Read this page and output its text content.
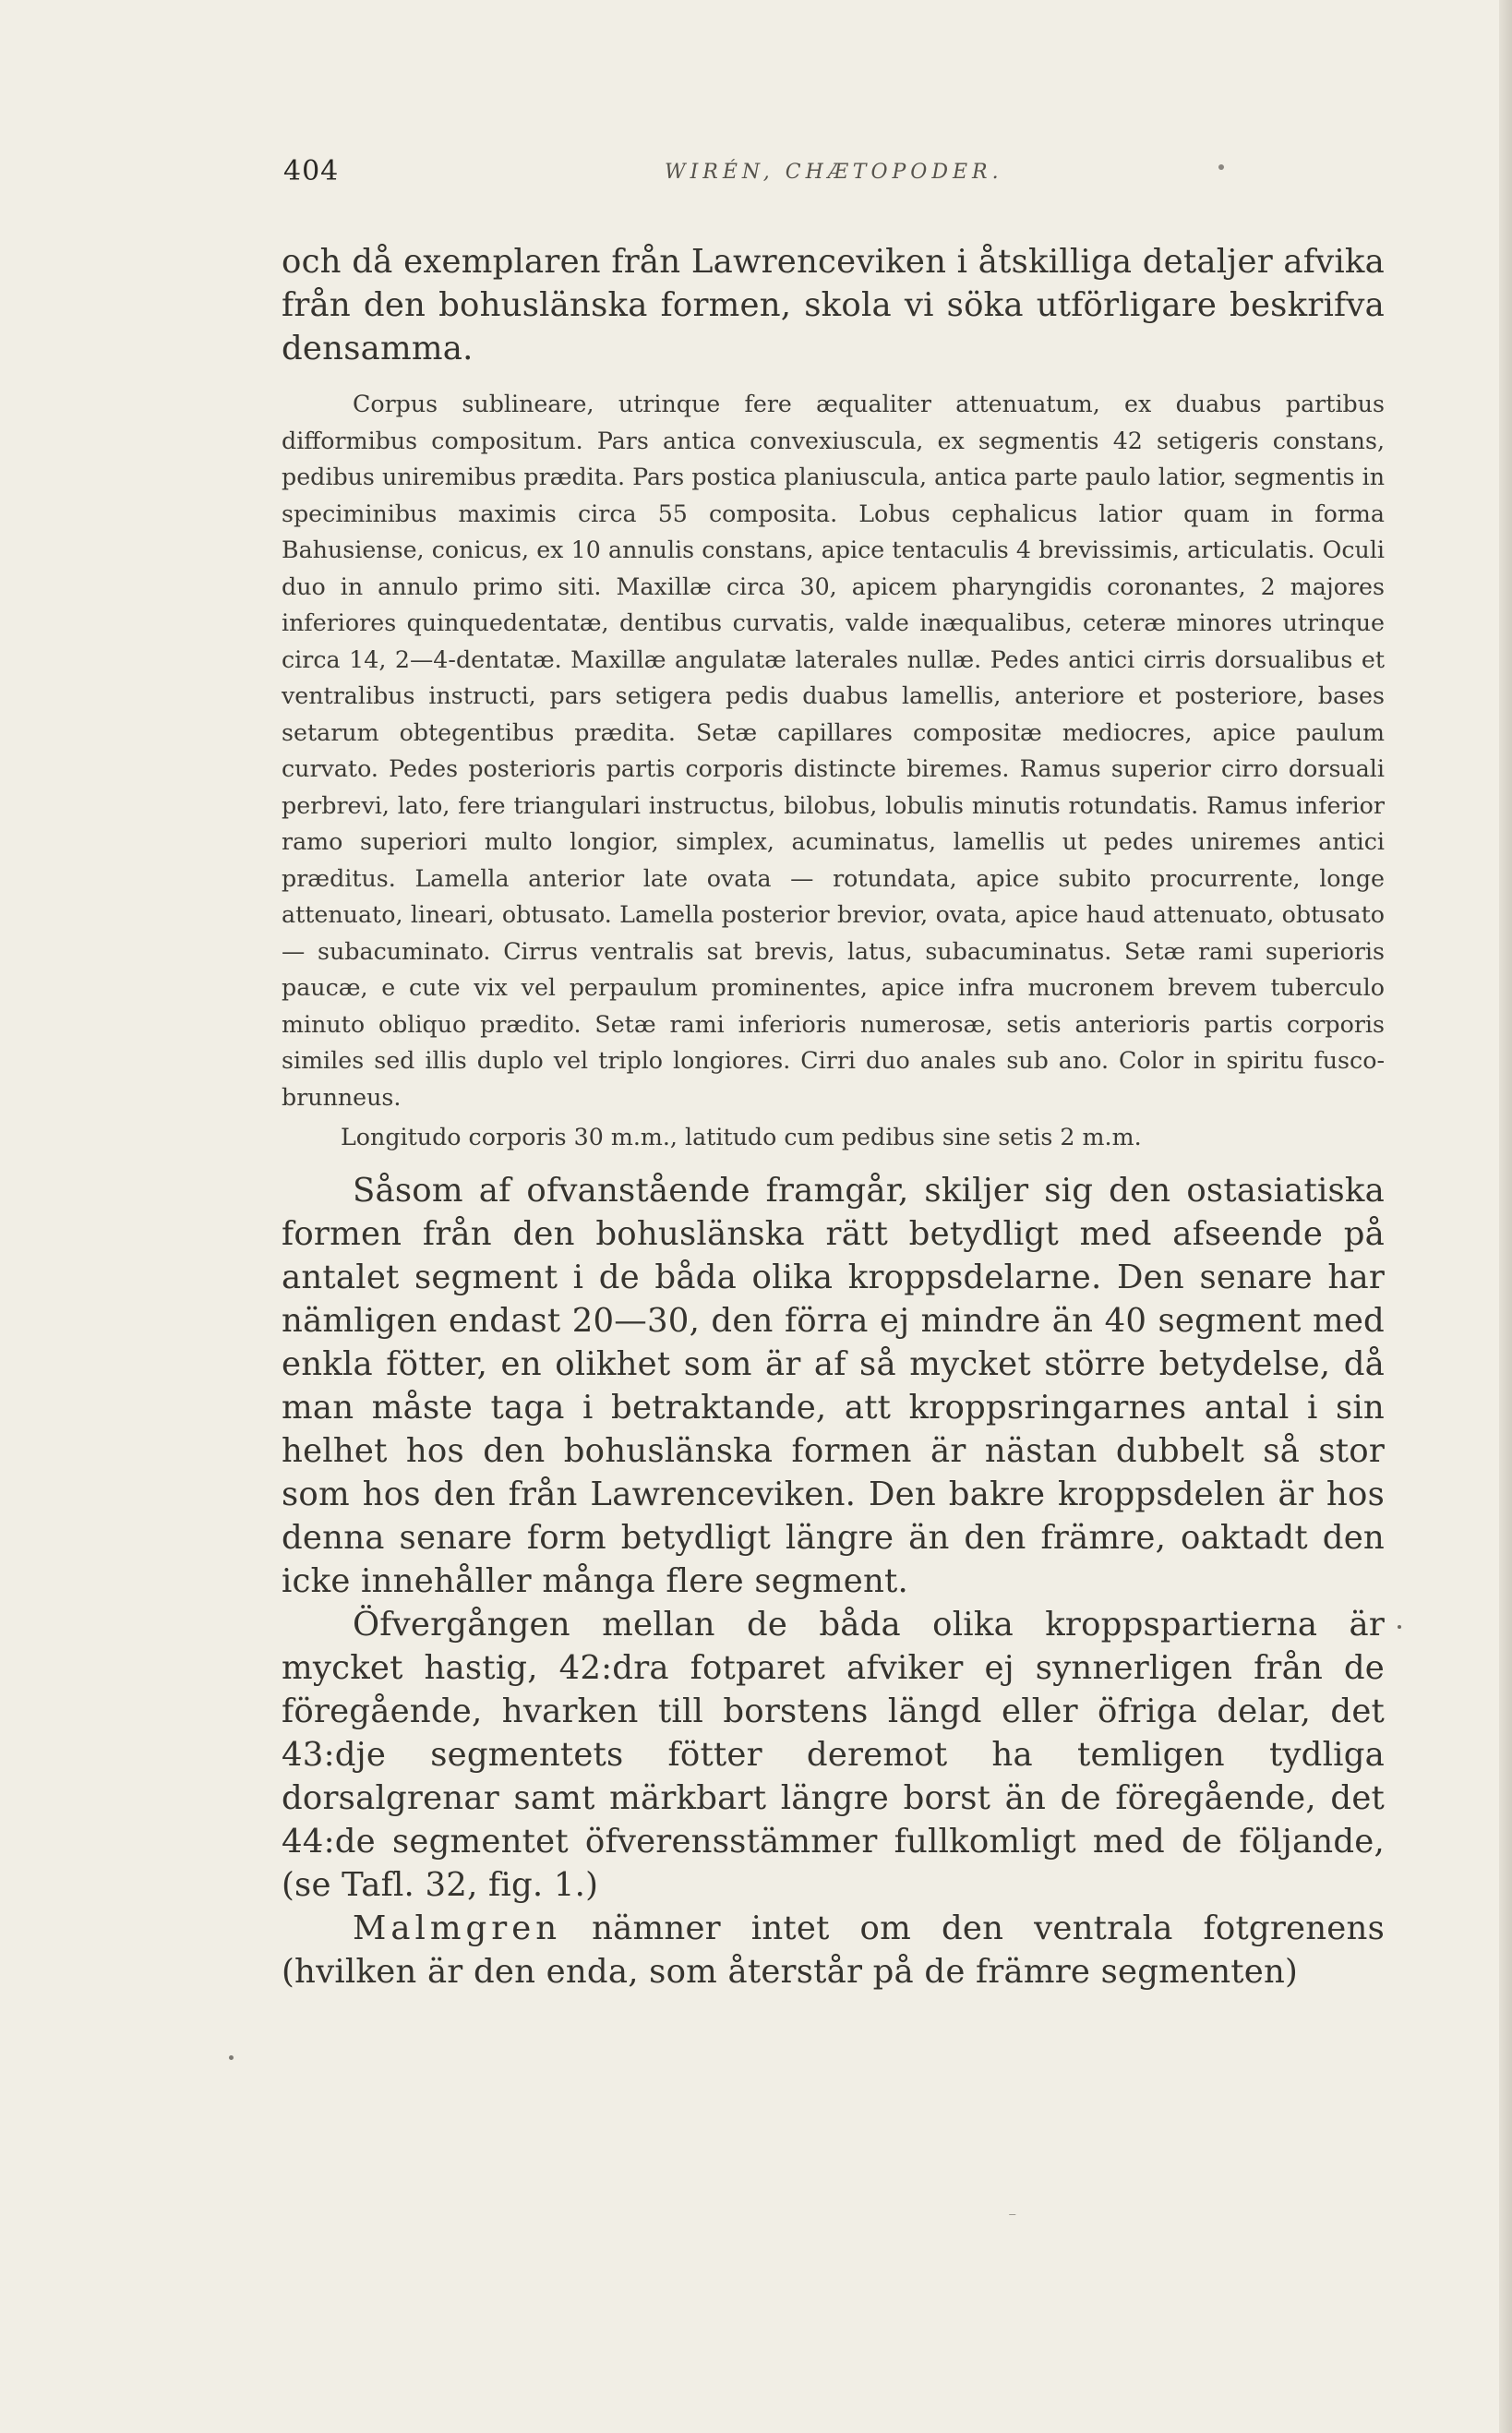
404	WIRÉN, CHÆTOPODER.

och då exemplaren från Lawrenceviken i åtskilliga detaljer afvika från den bohuslänska formen, skola vi söka utförligare beskrifva densamma.

Corpus sublineare, utrinque fere æqualiter attenuatum, ex duabus partibus difformibus compositum. Pars antica convexiuscula, ex segmentis 42 setigeris constans, pedibus uniremibus prædita. Pars postica planiuscula, antica parte paulo latior, segmentis in speciminibus maximis circa 55 composita. Lobus cephalicus latior quam in forma Bahusiense, conicus, ex 10 annulis constans, apice tentaculis 4 brevissimis, articulatis. Oculi duo in annulo primo siti. Maxillæ circa 30, apicem pharyngidis coronantes, 2 majores inferiores quinquedentatæ, dentibus curvatis, valde inæqualibus, ceteræ minores utrinque circa 14, 2—4-dentatæ. Maxillæ angulatæ laterales nullæ. Pedes antici cirris dorsualibus et ventralibus instructi, pars setigera pedis duabus lamellis, anteriore et posteriore, bases setarum obtegentibus prædita. Setæ capillares compositæ mediocres, apice paulum curvato. Pedes posterioris partis corporis distincte biremes. Ramus superior cirro dorsuali perbrevi, lato, fere triangulari instructus, bilobus, lobulis minutis rotundatis. Ramus inferior ramo superiori multo longior, simplex, acuminatus, lamellis ut pedes uniremes antici præditus. Lamella anterior late ovata — rotundata, apice subito procurrente, longe attenuato, lineari, obtusato. Lamella posterior brevior, ovata, apice haud attenuato, obtusato — subacuminato. Cirrus ventralis sat brevis, latus, subacuminatus. Setæ rami superioris paucæ, e cute vix vel perpaulum prominentes, apice infra mucronem brevem tuberculo minuto obliquo prædito. Setæ rami inferioris numerosæ, setis anterioris partis corporis similes sed illis duplo vel triplo longiores. Cirri duo anales sub ano. Color in spiritu fusco-brunneus.

Longitudo corporis 30 m.m., latitudo cum pedibus sine setis 2 m.m.

Såsom af ofvanstående framgår, skiljer sig den ostasiatiska formen från den bohuslänska rätt betydligt med afseende på antalet segment i de båda olika kroppsdelarne. Den senare har nämligen endast 20—30, den förra ej mindre än 40 segment med enkla fötter, en olikhet som är af så mycket större betydelse, då man måste taga i betraktande, att kroppsringarnes antal i sin helhet hos den bohuslänska formen är nästan dubbelt så stor som hos den från Lawrenceviken. Den bakre kroppsdelen är hos denna senare form betydligt längre än den främre, oaktadt den icke innehåller många flere segment.

Öfvergången mellan de båda olika kroppspartierna är mycket hastig, 42:dra fotparet afviker ej synnerligen från de föregående, hvarken till borstens längd eller öfriga delar, det 43:dje segmentets fötter deremot ha temligen tydliga dorsalgrenar samt märkbart längre borst än de föregående, det 44:de segmentet öfverensstämmer fullkomligt med de följande, (se Tafl. 32, fig. 1.)

Malmgren nämner intet om den ventrala fotgrenens (hvilken är den enda, som återstår på de främre segmenten)

⁻
